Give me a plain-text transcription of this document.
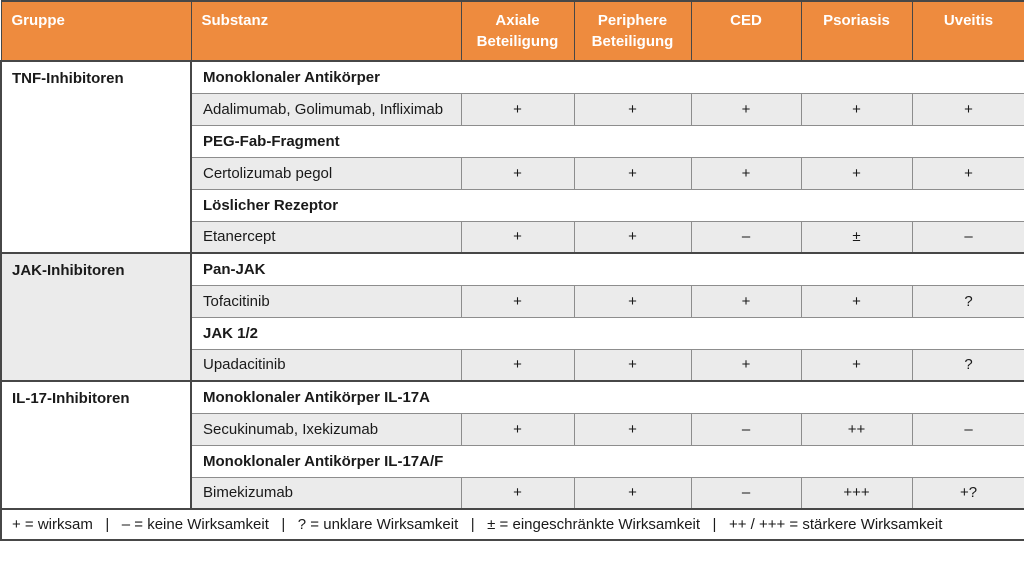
Gruppe	Substanz	Axiale Beteiligung	Periphere Beteiligung	CED	Psoriasis	Uveitis
TNF-Inhibitoren	Monoklonaler Antikörper					
	Adalimumab, Golimumab, Infliximab	+	+	+	+	+
	PEG-Fab-Fragment					
	Certolizumab pegol	+	+	+	+	+
	Löslicher Rezeptor					
	Etanercept	+	+	–	±	–
JAK-Inhibitoren	Pan-JAK					
	Tofacitinib	+	+	+	+	?
	JAK 1/2					
	Upadacitinib	+	+	+	+	?
IL-17-Inhibitoren	Monoklonaler Antikörper IL-17A					
	Secukinumab, Ixekizumab	+	+	–	++	–
	Monoklonaler Antikörper IL-17A/F					
	Bimekizumab	+	+	–	+++	+?
+ = wirksam   |   – = keine Wirksamkeit   |   ? = unklare Wirksamkeit   |   ± = eingeschränkte Wirksamkeit   |   ++ / +++ = stärkere Wirksamkeit						
